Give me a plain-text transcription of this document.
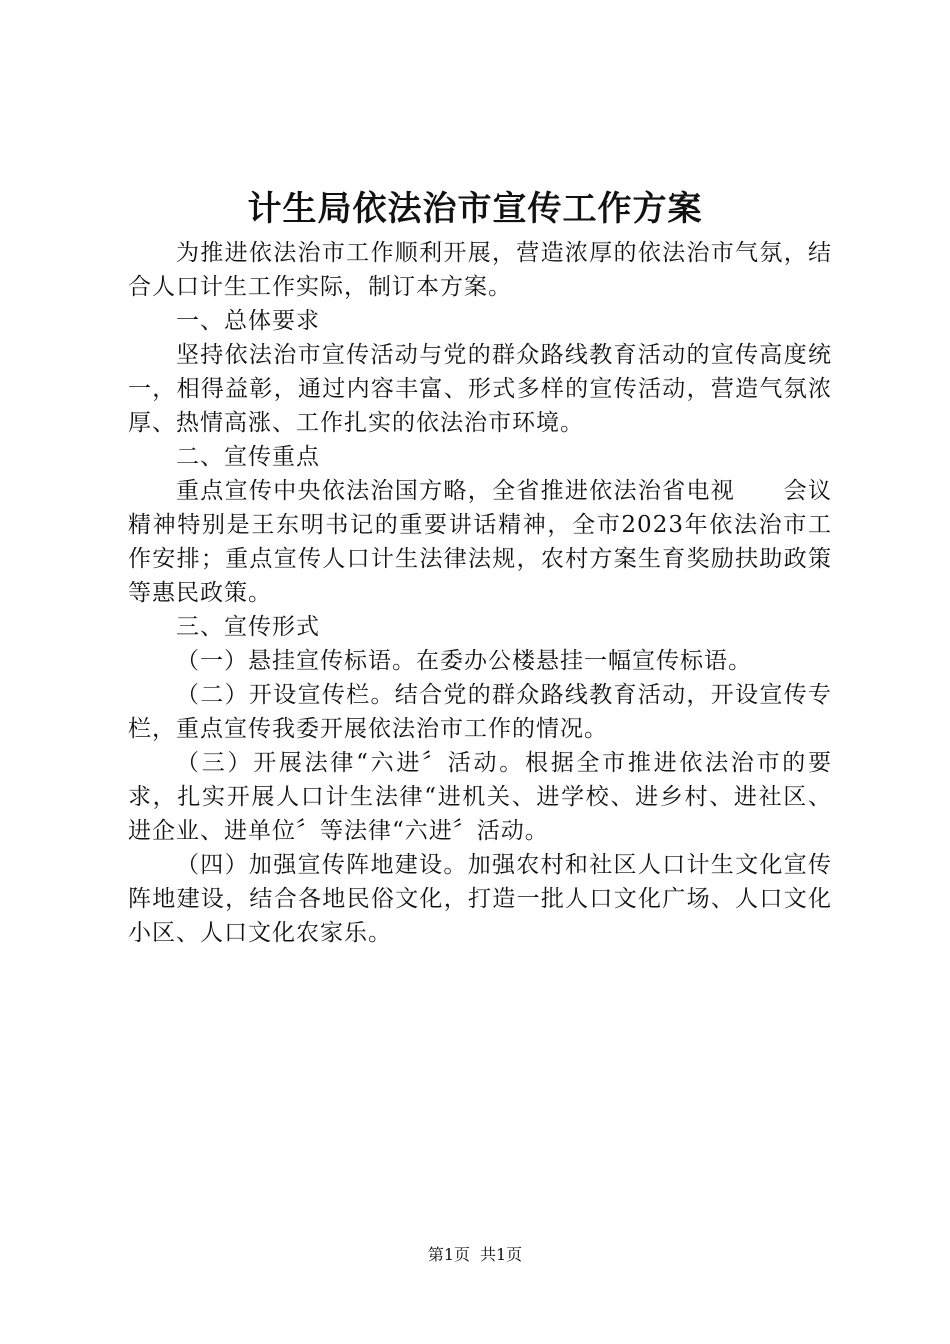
计生局依法治市宣传工作方案

为推进依法治市工作顺利开展，营造浓厚的依法治市气氛，结合人口计生工作实际，制订本方案。

一、总体要求

坚持依法治市宣传活动与党的群众路线教育活动的宣传高度统一，相得益彰，通过内容丰富、形式多样的宣传活动，营造气氛浓厚、热情高涨、工作扎实的依法治市环境。

二、宣传重点

重点宣传中央依法治国方略，全省推进依法治省电视　　会议精神特别是王东明书记的重要讲话精神，全市2023年依法治市工作安排；重点宣传人口计生法律法规，农村方案生育奖励扶助政策等惠民政策。

三、宣传形式

（一）悬挂宣传标语。在委办公楼悬挂一幅宣传标语。

（二）开设宣传栏。结合党的群众路线教育活动，开设宣传专栏，重点宣传我委开展依法治市工作的情况。

（三）开展法律“六进〞活动。根据全市推进依法治市的要求，扎实开展人口计生法律“进机关、进学校、进乡村、进社区、进企业、进单位〞等法律“六进〞活动。

（四）加强宣传阵地建设。加强农村和社区人口计生文化宣传阵地建设，结合各地民俗文化，打造一批人口文化广场、人口文化小区、人口文化农家乐。

第1页 共1页
